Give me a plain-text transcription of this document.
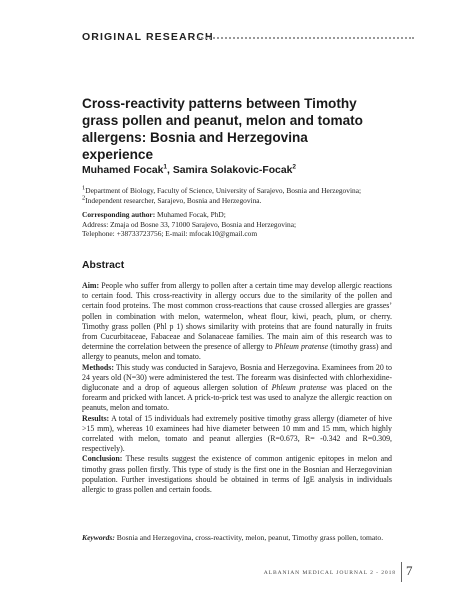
ORIGINAL RESEARCH
Cross-reactivity patterns between Timothy grass pollen and peanut, melon and tomato allergens: Bosnia and Herzegovina experience
Muhamed Focak$^1$, Samira Solakovic-Focak$^2$
$^1$Department of Biology, Faculty of Science, University of Sarajevo, Bosnia and Herzegovina;
$^2$Independent researcher, Sarajevo, Bosnia and Herzegovina.
Corresponding author: Muhamed Focak, PhD;
Address: Zmaja od Bosne 33, 71000 Sarajevo, Bosnia and Herzegovina;
Telephone: +38733723756; E-mail: mfocak10@gmail.com
Abstract

Aim: People who suffer from allergy to pollen after a certain time may develop allergic reactions to certain food. This cross-reactivity in allergy occurs due to the similarity of the pollen and certain food proteins. The most common cross-reactions that cause crossed allergies are grasses’ pollen in combination with melon, watermelon, wheat flour, kiwi, peach, plum, or cherry. Timothy grass pollen (Phl p 1) shows similarity with proteins that are found naturally in fruits from Cucurbitaceae, Fabaceae and Solanaceae families. The main aim of this research was to determine the correlation between the presence of allergy to Phleum pratense (timothy grass) and allergy to peanuts, melon and tomato.

Methods: This study was conducted in Sarajevo, Bosnia and Herzegovina. Examinees from 20 to 24 years old (N=30) were administered the test. The forearm was disinfected with chlorhexidine-digluconate and a drop of aqueous allergen solution of Phleum pratense was placed on the forearm and pricked with lancet. A prick-to-prick test was used to analyze the allergic reaction on peanuts, melon and tomato.

Results: A total of 15 individuals had extremely positive timothy grass allergy (diameter of hive >15 mm), whereas 10 examinees had hive diameter between 10 mm and 15 mm, which highly correlated with melon, tomato and peanut allergies (R=0.673, R= -0.342 and R=0.309, respectively).

Conclusion: These results suggest the existence of common antigenic epitopes in melon and timothy grass pollen firstly. This type of study is the first one in the Bosnian and Herzegovinian population. Further investigations should be obtained in terms of IgE analysis in individuals allergic to grass pollen and certain foods.

Keywords: Bosnia and Herzegovina, cross-reactivity, melon, peanut, Timothy grass pollen, tomato.
ALBANIAN MEDICAL JOURNAL 2 - 2018 7
